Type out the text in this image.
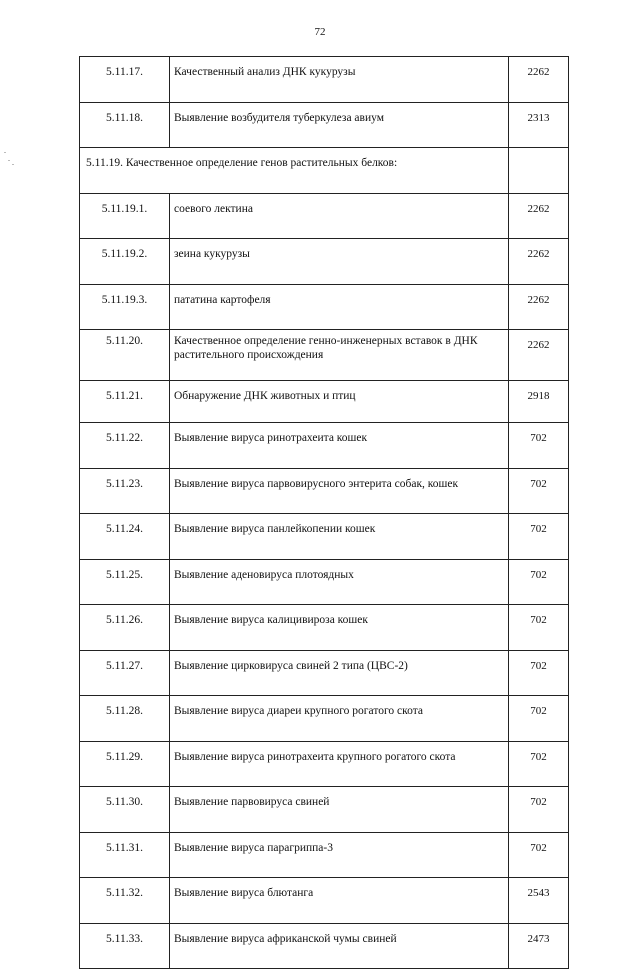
72
5.11.17.	Качественный анализ ДНК кукурузы	2262
5.11.18.	Выявление возбудителя туберкулеза авиум	2313
5.11.19. Качественное определение генов растительных белков:		
5.11.19.1.	соевого лектина	2262
5.11.19.2.	зеина кукурузы	2262
5.11.19.3.	пататина картофеля	2262
5.11.20.	Качественное определение генно-инженерных вставок в ДНК растительного происхождения	2262
5.11.21.	Обнаружение ДНК животных и птиц	2918
5.11.22.	Выявление вируса ринотрахеита кошек	702
5.11.23.	Выявление вируса парвовирусного энтерита собак, кошек	702
5.11.24.	Выявление вируса панлейкопении кошек	702
5.11.25.	Выявление аденовируса плотоядных	702
5.11.26.	Выявление вируса калицивироза кошек	702
5.11.27.	Выявление цирковируса свиней 2 типа (ЦВС-2)	702
5.11.28.	Выявление вируса диареи крупного рогатого скота	702
5.11.29.	Выявление вируса ринотрахеита крупного рогатого скота	702
5.11.30.	Выявление парвовируса свиней	702
5.11.31.	Выявление вируса парагриппа-3	702
5.11.32.	Выявление вируса блютанга	2543
5.11.33.	Выявление вируса африканской чумы свиней	2473
